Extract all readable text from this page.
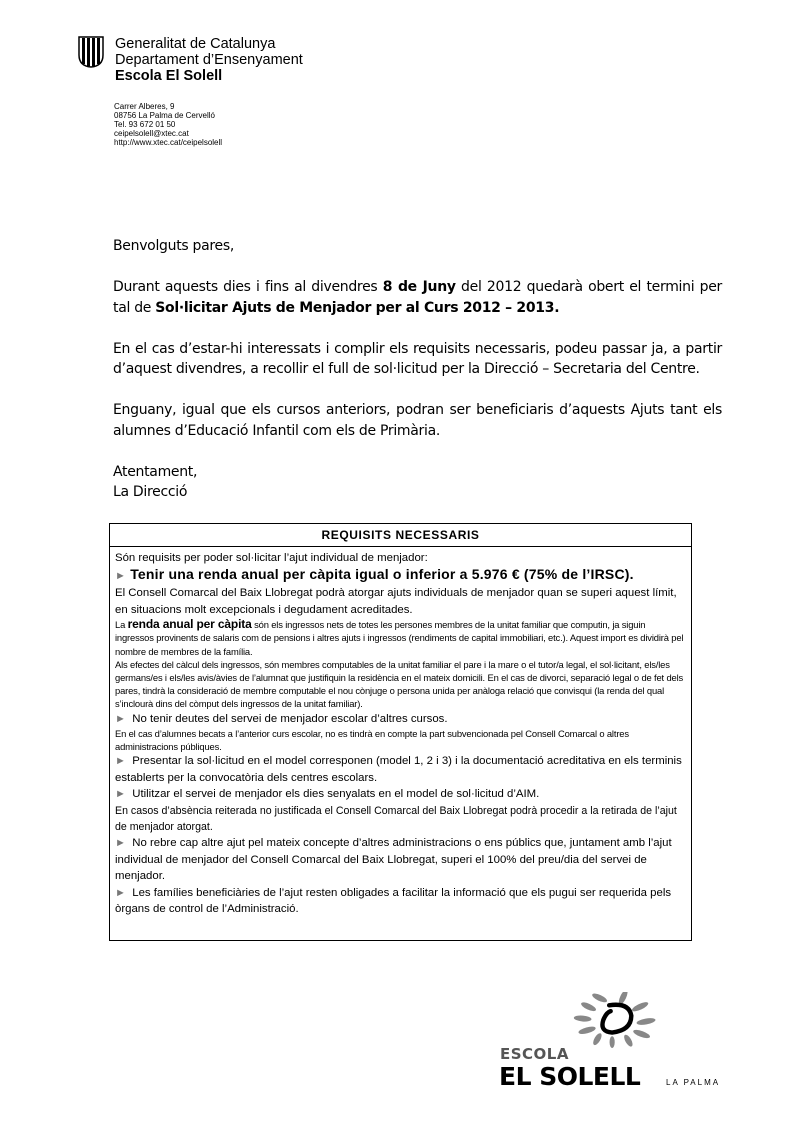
Generalitat de Catalunya
Departament d’Ensenyament
Escola El Solell
Carrer Alberes, 9
08756 La Palma de Cervelló
Tel. 93 672 01 50
ceipelsolell@xtec.cat
http://www.xtec.cat/ceipelsolell

Benvolguts pares,

Durant aquests dies i fins al divendres 8 de Juny del 2012 quedarà obert el termini per tal de Sol·licitar Ajuts de Menjador per al Curs 2012 – 2013.

En el cas d’estar-hi interessats i complir els requisits necessaris, podeu passar ja, a partir d’aquest divendres, a recollir el full de sol·licitud per la Direcció – Secretaria del Centre.

Enguany, igual que els cursos anteriors, podran ser beneficiaris d’aquests Ajuts tant els alumnes d’Educació Infantil com els de Primària.

Atentament,

La Direcció

REQUISITS NECESSARIS
Són requisits per poder sol·licitar l’ajut individual de menjador:
► Tenir una renda anual per càpita igual o inferior a 5.976 € (75% de l’IRSC).
El Consell Comarcal del Baix Llobregat podrà atorgar ajuts individuals de menjador quan se superi aquest límit, en situacions molt excepcionals i degudament acreditades.
La renda anual per càpita són els ingressos nets de totes les persones membres de la unitat familiar que computin, ja siguin
ingressos provinents de salaris com de pensions i altres ajuts i ingressos (rendiments de capital immobiliari, etc.). Aquest import es dividirà pel nombre de membres de la família.
Als efectes del càlcul dels ingressos, són membres computables de la unitat familiar el pare i la mare o el tutor/a legal, el sol·licitant, els/les germans/es i els/les avis/àvies de l’alumnat que justifiquin la residència en el mateix domicili. En el cas de divorci, separació legal o de fet dels pares, tindrà la consideració de membre computable el nou cònjuge o persona unida per anàloga relació que convisqui (la renda del qual s’inclourà dins del còmput dels ingressos de la unitat familiar).
► No tenir deutes del servei de menjador escolar d’altres cursos.
En el cas d’alumnes becats a l’anterior curs escolar, no es tindrà en compte la part subvencionada pel Consell Comarcal o altres administracions públiques.
► Presentar la sol·licitud en el model corresponen (model 1, 2 i 3) i la documentació acreditativa en els terminis establerts per la convocatòria dels centres escolars.
► Utilitzar el servei de menjador els dies senyalats en el model de sol·licitud d’AIM.
En casos d’absència reiterada no justificada el Consell Comarcal del Baix Llobregat podrà procedir a la retirada de l’ajut de menjador atorgat.
► No rebre cap altre ajut pel mateix concepte d’altres administracions o ens públics que, juntament amb l’ajut individual de menjador del Consell Comarcal del Baix Llobregat, superi el 100% del preu/dia del servei de menjador.
► Les famílies beneficiàries de l’ajut resten obligades a facilitar la informació que els pugui ser requerida pels òrgans de control de l’Administració.
ESCOLA
EL SOLELL	LA PALMA
